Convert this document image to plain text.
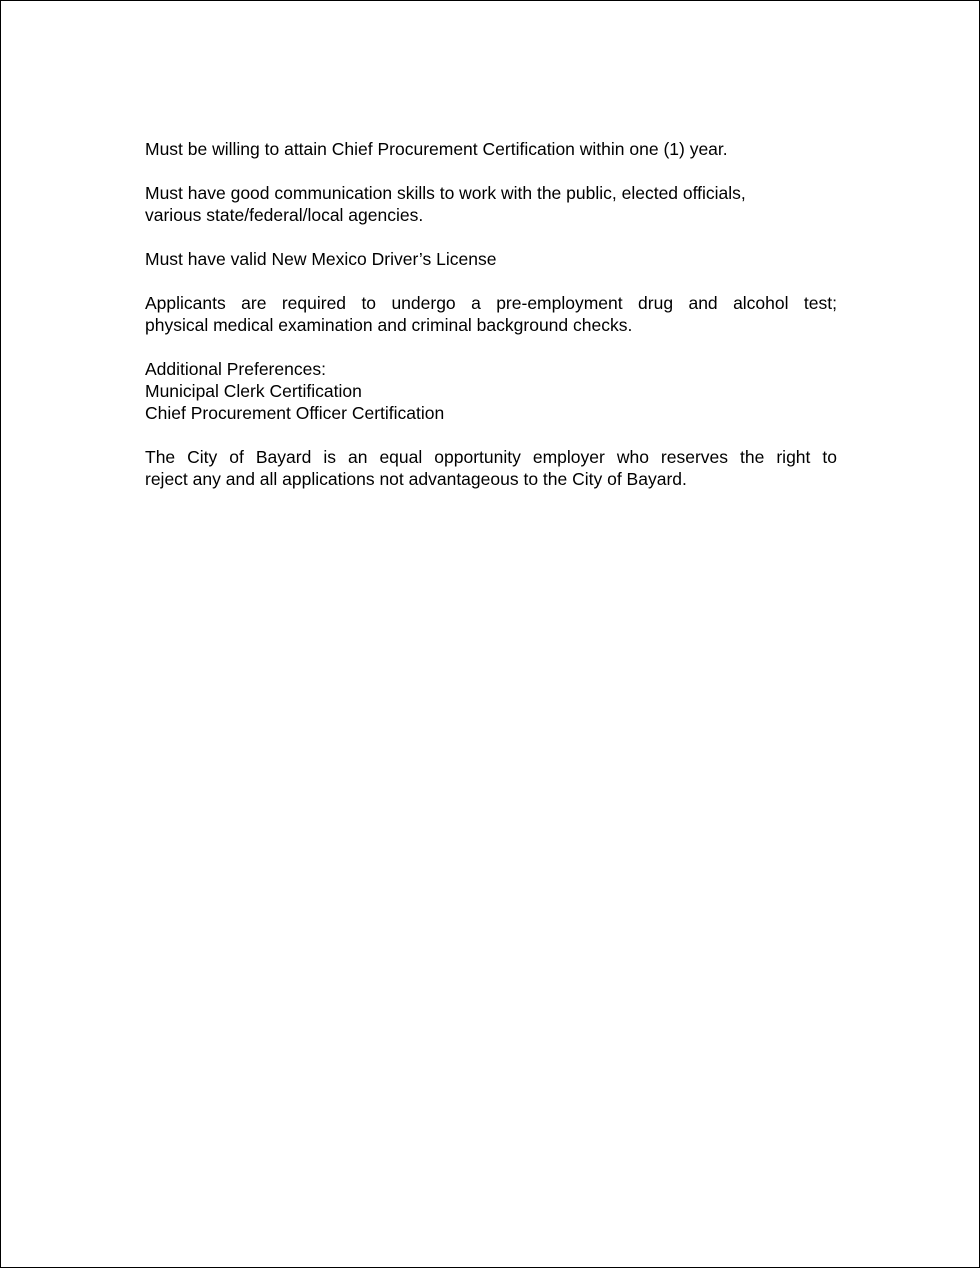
Must be willing to attain Chief Procurement Certification within one (1) year.

Must have good communication skills to work with the public, elected officials,
various state/federal/local agencies.

Must have valid New Mexico Driver’s License

Applicants are required to undergo a pre-employment drug and alcohol test;
physical medical examination and criminal background checks.

Additional Preferences:
Municipal Clerk Certification
Chief Procurement Officer Certification

The City of Bayard is an equal opportunity employer who reserves the right to
reject any and all applications not advantageous to the City of Bayard.
